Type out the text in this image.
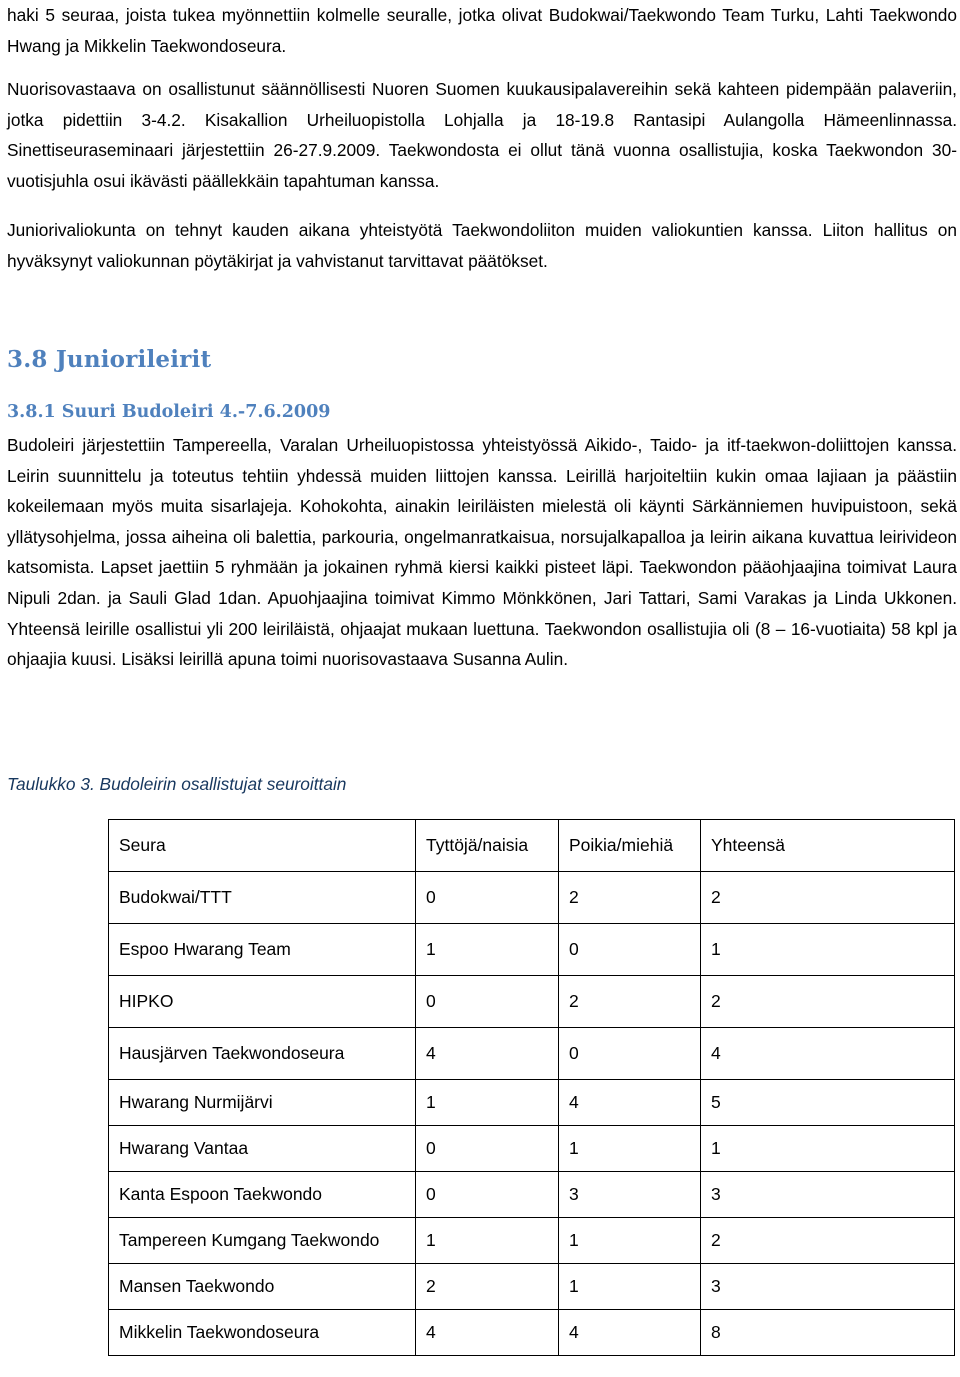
haki 5 seuraa, joista tukea myönnettiin kolmelle seuralle, jotka olivat Budokwai/Taekwondo Team Turku, Lahti Taekwondo Hwang ja Mikkelin Taekwondoseura.

Nuorisovastaava on osallistunut säännöllisesti Nuoren Suomen kuukausipalavereihin sekä kahteen pidempään palaveriin, jotka pidettiin 3-4.2. Kisakallion Urheiluopistolla Lohjalla ja 18-19.8 Rantasipi Aulangolla Hämeenlinnassa. Sinettiseuraseminaari järjestettiin 26-27.9.2009. Taekwondosta ei ollut tänä vuonna osallistujia, koska Taekwondon 30-vuotisjuhla osui ikävästi päällekkäin tapahtuman kanssa.

Juniorivaliokunta on tehnyt kauden aikana yhteistyötä Taekwondoliiton muiden valiokuntien kanssa. Liiton hallitus on hyväksynyt valiokunnan pöytäkirjat ja vahvistanut tarvittavat päätökset.

3.8 Juniorileirit
3.8.1 Suuri Budoleiri 4.-7.6.2009

Budoleiri järjestettiin Tampereella, Varalan Urheiluopistossa yhteistyössä Aikido-, Taido- ja itf-taekwon-doliittojen kanssa. Leirin suunnittelu ja toteutus tehtiin yhdessä muiden liittojen kanssa. Leirillä harjoiteltiin kukin omaa lajiaan ja päästiin kokeilemaan myös muita sisarlajeja. Kohokohta, ainakin leiriläisten mielestä oli käynti Särkänniemen huvipuistoon, sekä yllätysohjelma, jossa aiheina oli balettia, parkouria, ongelmanratkaisua, norsujalkapalloa ja leirin aikana kuvattua leirivideon katsomista. Lapset jaettiin 5 ryhmään ja jokainen ryhmä kiersi kaikki pisteet läpi. Taekwondon pääohjaajina toimivat Laura Nipuli 2dan. ja Sauli Glad 1dan. Apuohjaajina toimivat Kimmo Mönkkönen, Jari Tattari, Sami Varakas ja Linda Ukkonen. Yhteensä leirille osallistui yli 200 leiriläistä, ohjaajat mukaan luettuna. Taekwondon osallistujia oli (8 – 16-vuotiaita) 58 kpl ja ohjaajia kuusi. Lisäksi leirillä apuna toimi nuorisovastaava Susanna Aulin.

Taulukko 3. Budoleirin osallistujat seuroittain
Seura	Tyttöjä/naisia	Poikia/miehiä	Yhteensä
Budokwai/TTT	0	2	2
Espoo Hwarang Team	1	0	1
HIPKO	0	2	2
Hausjärven Taekwondoseura	4	0	4
Hwarang Nurmijärvi	1	4	5
Hwarang Vantaa	0	1	1
Kanta Espoon Taekwondo	0	3	3
Tampereen Kumgang Taekwondo	1	1	2
Mansen Taekwondo	2	1	3
Mikkelin Taekwondoseura	4	4	8
